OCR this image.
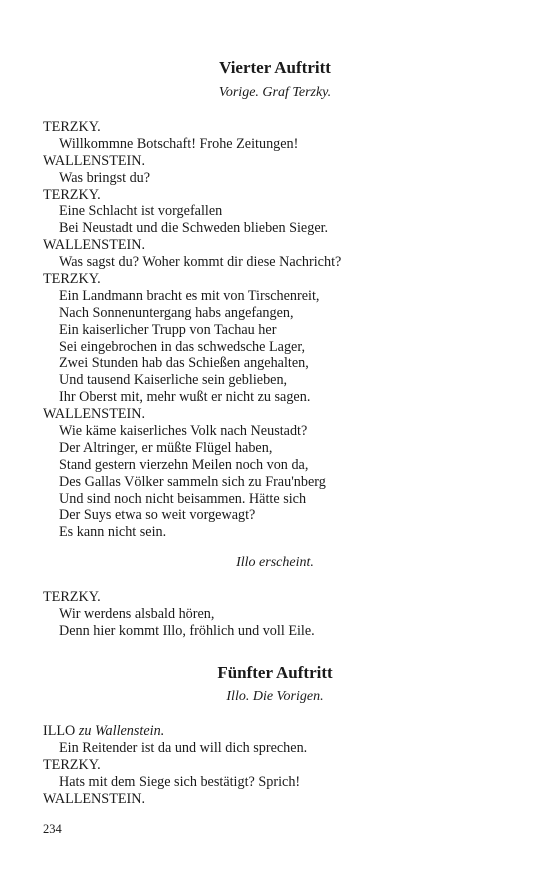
Vierter Auftritt
Vorige. Graf Terzky.
TERZKY.
Willkommne Botschaft! Frohe Zeitungen!
WALLENSTEIN.
Was bringst du?
TERZKY.
Eine Schlacht ist vorgefallen
Bei Neustadt und die Schweden blieben Sieger.
WALLENSTEIN.
Was sagst du? Woher kommt dir diese Nachricht?
TERZKY.
Ein Landmann bracht es mit von Tirschenreit,
Nach Sonnenuntergang habs angefangen,
Ein kaiserlicher Trupp von Tachau her
Sei eingebrochen in das schwedsche Lager,
Zwei Stunden hab das Schießen angehalten,
Und tausend Kaiserliche sein geblieben,
Ihr Oberst mit, mehr wußt er nicht zu sagen.
WALLENSTEIN.
Wie käme kaiserliches Volk nach Neustadt?
Der Altringer, er müßte Flügel haben,
Stand gestern vierzehn Meilen noch von da,
Des Gallas Völker sammeln sich zu Frau'nberg
Und sind noch nicht beisammen. Hätte sich
Der Suys etwa so weit vorgewagt?
Es kann nicht sein.
Illo erscheint.
TERZKY.
Wir werdens alsbald hören,
Denn hier kommt Illo, fröhlich und voll Eile.
Fünfter Auftritt
Illo. Die Vorigen.
ILLO zu Wallenstein.
Ein Reitender ist da und will dich sprechen.
TERZKY.
Hats mit dem Siege sich bestätigt? Sprich!
WALLENSTEIN.
234
